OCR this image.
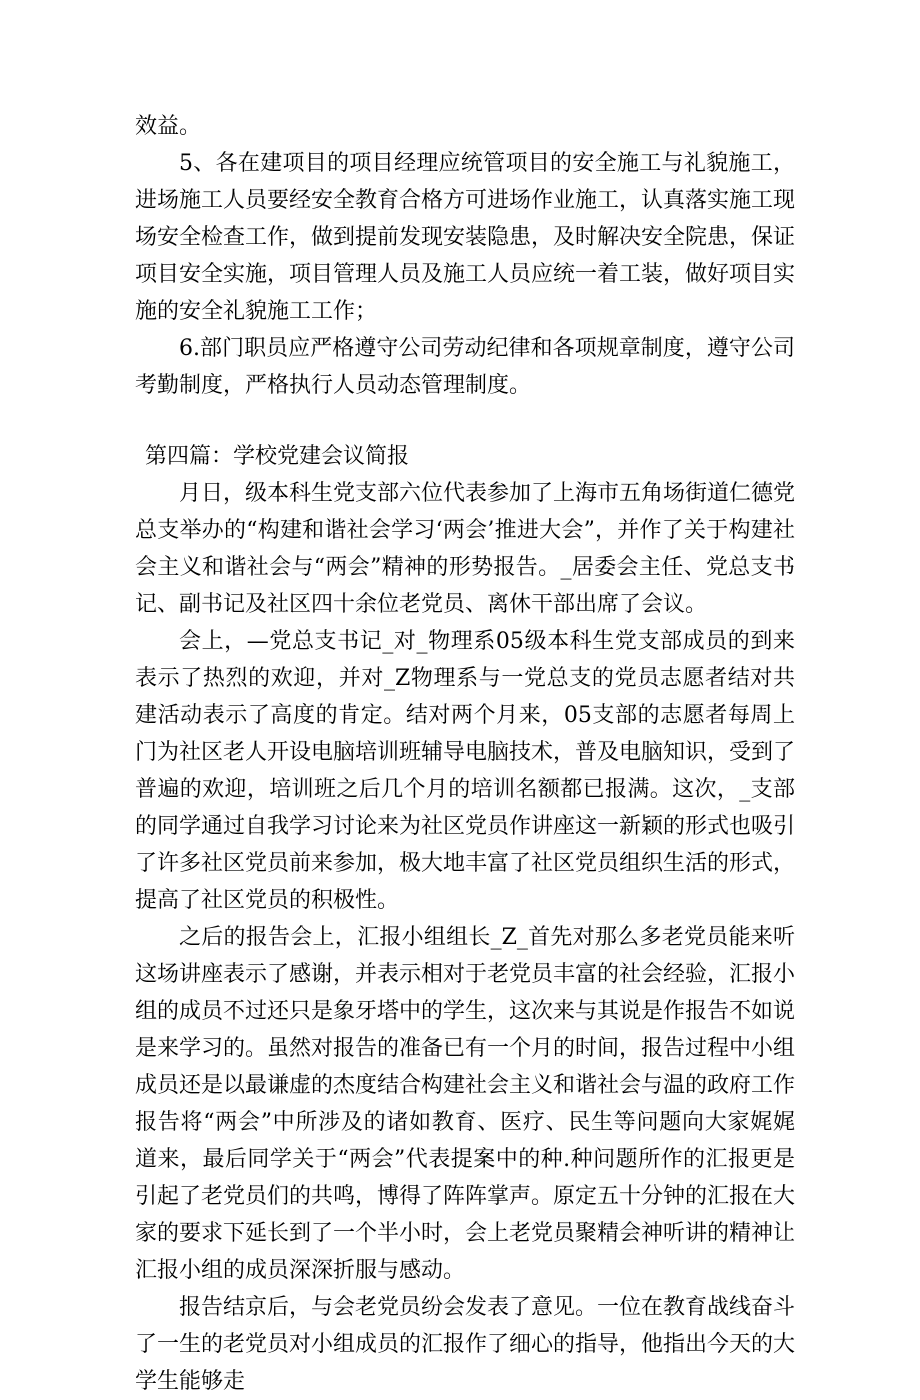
效益。

5、各在建项目的项目经理应统管项目的安全施工与礼貌施工，进场施工人员要经安全教育合格方可进场作业施工，认真落实施工现场安全检查工作，做到提前发现安装隐患，及时解决安全院患，保证项目安全实施，项目管理人员及施工人员应统一着工装，做好项目实施的安全礼貌施工工作；

6.部门职员应严格遵守公司劳动纪律和各项规章制度，遵守公司考勤制度，严格执行人员动态管理制度。

第四篇：学校党建会议简报

月日，级本科生党支部六位代表参加了上海市五角场街道仁德党总支举办的“构建和谐社会学习‘两会’推进大会”，并作了关于构建社会主义和谐社会与“两会”精神的形势报告。_居委会主任、党总支书记、副书记及社区四十余位老党员、离休干部出席了会议。

会上，—党总支书记_对_物理系05级本科生党支部成员的到来表示了热烈的欢迎，并对_Z物理系与一党总支的党员志愿者结对共建活动表示了高度的肯定。结对两个月来，05支部的志愿者每周上门为社区老人开设电脑培训班辅导电脑技术，普及电脑知识，受到了普遍的欢迎，培训班之后几个月的培训名额都已报满。这次，_支部的同学通过自我学习讨论来为社区党员作讲座这一新颖的形式也吸引了许多社区党员前来参加，极大地丰富了社区党员组织生活的形式，提高了社区党员的积极性。

之后的报告会上，汇报小组组长_Z_首先对那么多老党员能来听这场讲座表示了感谢，并表示相对于老党员丰富的社会经验，汇报小组的成员不过还只是象牙塔中的学生，这次来与其说是作报告不如说是来学习的。虽然对报告的准备已有一个月的时间，报告过程中小组成员还是以最谦虚的杰度结合构建社会主义和谐社会与温的政府工作报告将“两会”中所涉及的诸如教育、医疗、民生等问题向大家娓娓道来，最后同学关于“两会”代表提案中的种.种问题所作的汇报更是引起了老党员们的共鸣，博得了阵阵掌声。原定五十分钟的汇报在大家的要求下延长到了一个半小时，会上老党员聚精会神听讲的精神让汇报小组的成员深深折服与感动。

报告结京后，与会老党员纷会发表了意见。一位在教育战线奋斗了一生的老党员对小组成员的汇报作了细心的指导，他指出今天的大学生能够走
